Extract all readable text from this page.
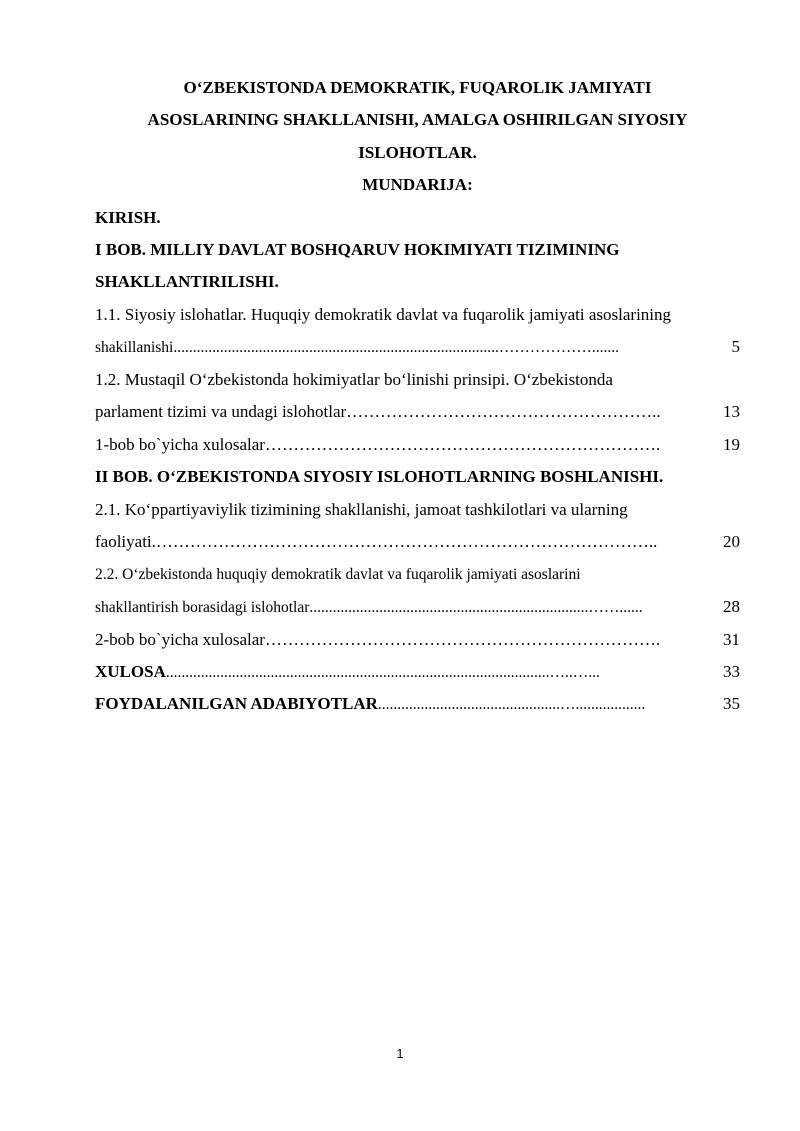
O‘ZBEKISTONDA DEMOKRATIK, FUQAROLIK JAMIYATI
ASOSLARINING SHAKLLANISHI, AMALGA OSHIRILGAN SIYOSIY
ISLOHOTLAR.
MUNDARIJA:
KIRISH.
I BOB. MILLIY DAVLAT BOSHQARUV HOKIMIYATI TIZIMINING
SHAKLLANTIRILISHI.
1.1. Siyosiy islohatlar. Huquqiy demokratik davlat va fuqarolik jamiyati asoslarining
shakillanishi ....................................................................................……………….......	5
1.2. Mustaqil O‘zbekistonda hokimiyatlar bo‘linishi prinsipi. O‘zbekistonda
parlament tizimi va undagi islohotlar ………………………………………………..	13
1-bob bo`yicha xulosalar …………………………………………………………….	19
II BOB. O‘ZBEKISTONDA SIYOSIY ISLOHOTLARNING BOSHLANISHI.
2.1. Ko‘ppartiyaviylik tizimining shakllanishi, jamoat tashkilotlari va ularning
faoliyati. ……………………………………………………………………………..	20
2.2. O‘zbekistonda huquqiy demokratik davlat va fuqarolik jamiyati asoslarini
shakllantirish borasidagi islohotlar ........................................................................……......	28
2-bob bo`yicha xulosalar …………………………………………………………….	31
XULOSA ...................................................................................................…..…...	33
FOYDALANILGAN ADABIYOTLAR ...............................................…..................	35
1
